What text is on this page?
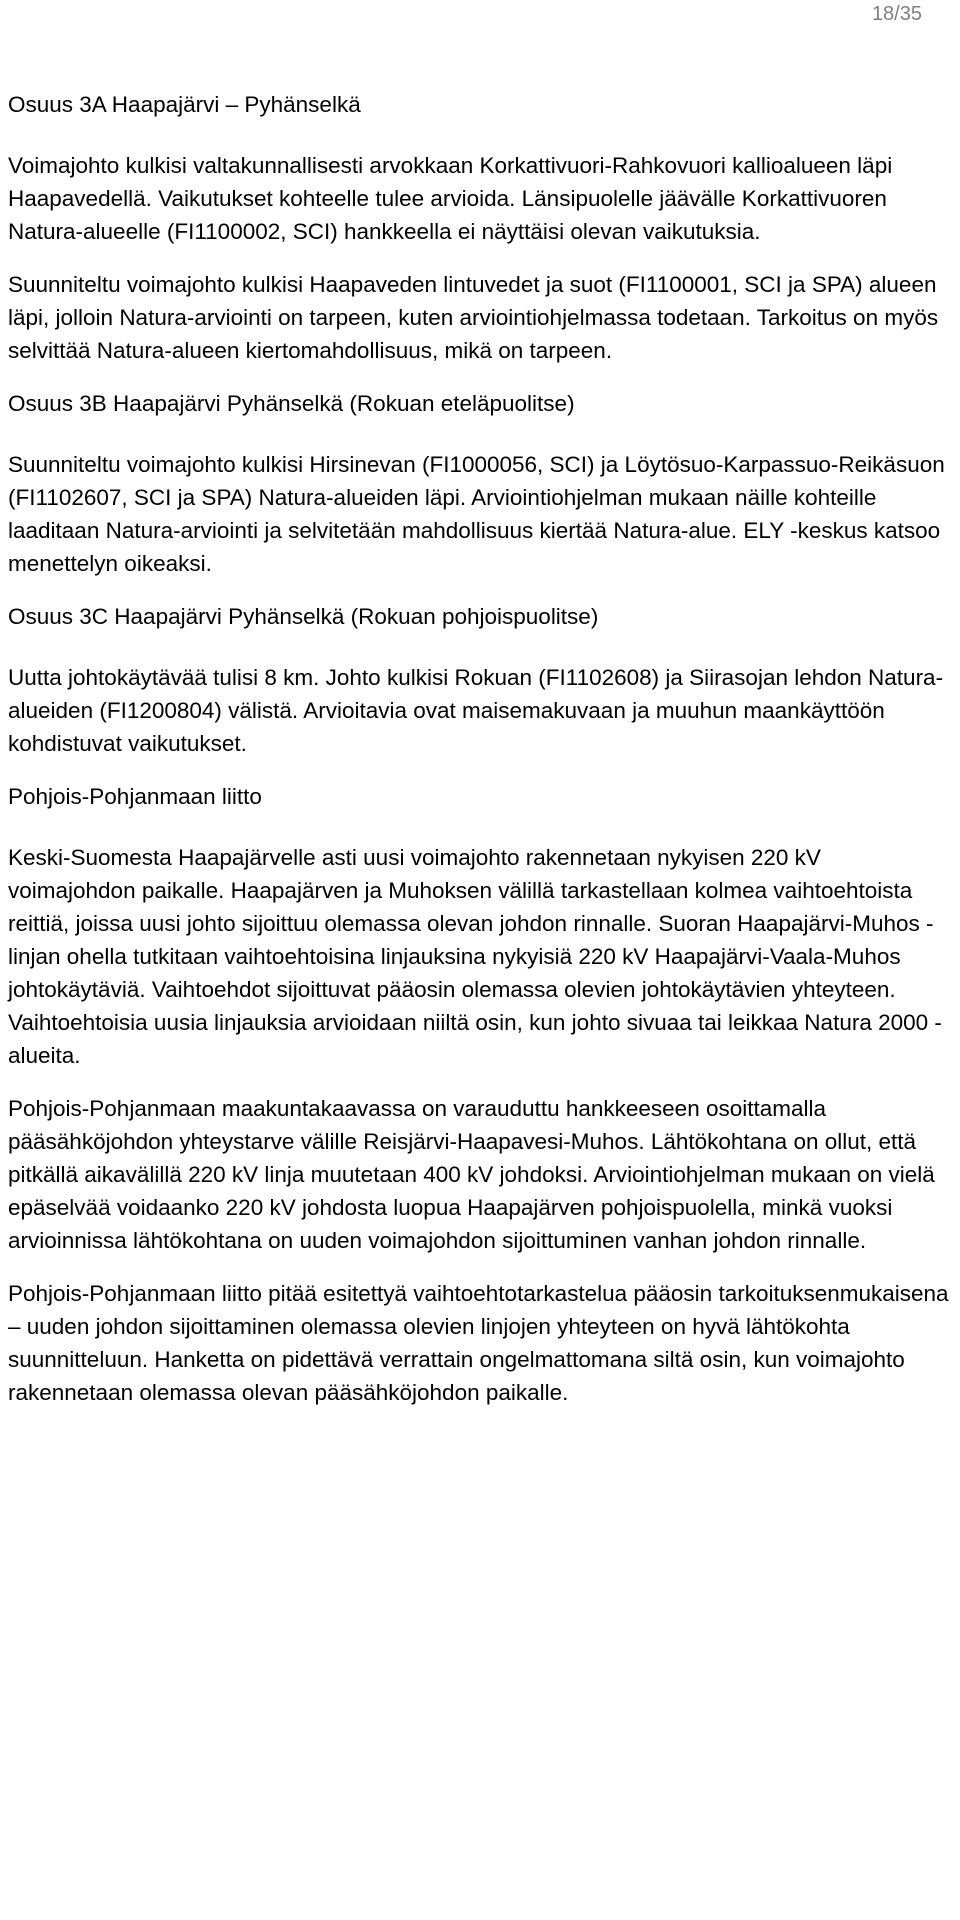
18/35

Osuus 3A Haapajärvi – Pyhänselkä

Voimajohto kulkisi valtakunnallisesti arvokkaan Korkattivuori-Rahkovuori kallioalueen läpi Haapavedellä. Vaikutukset kohteelle tulee arvioida. Länsipuolelle jäävälle Korkattivuoren Natura-alueelle (FI1100002, SCI) hankkeella ei näyttäisi olevan vaikutuksia.

Suunniteltu voimajohto kulkisi Haapaveden lintuvedet ja suot (FI1100001, SCI ja SPA) alueen läpi, jolloin Natura-arviointi on tarpeen, kuten arviointiohjelmassa todetaan. Tarkoitus on myös selvittää Natura-alueen kiertomahdollisuus, mikä on tarpeen.

Osuus 3B Haapajärvi Pyhänselkä (Rokuan eteläpuolitse)

Suunniteltu voimajohto kulkisi Hirsinevan (FI1000056, SCI) ja Löytösuo-Karpassuo-Reikäsuon (FI1102607, SCI ja SPA) Natura-alueiden läpi. Arviointiohjelman mukaan näille kohteille laaditaan Natura-arviointi ja selvitetään mahdollisuus kiertää Natura-alue. ELY -keskus katsoo menettelyn oikeaksi.

Osuus 3C Haapajärvi Pyhänselkä (Rokuan pohjoispuolitse)

Uutta johtokäytävää tulisi 8 km. Johto kulkisi Rokuan (FI1102608) ja Siirasojan lehdon Natura-alueiden (FI1200804) välistä. Arvioitavia ovat maisemakuvaan ja muuhun maankäyttöön kohdistuvat vaikutukset.

Pohjois-Pohjanmaan liitto

Keski-Suomesta Haapajärvelle asti uusi voimajohto rakennetaan nykyisen 220 kV voimajohdon paikalle. Haapajärven ja Muhoksen välillä tarkastellaan kolmea vaihtoehtoista reittiä, joissa uusi johto sijoittuu olemassa olevan johdon rinnalle. Suoran Haapajärvi-Muhos -linjan ohella tutkitaan vaihtoehtoisina linjauksina nykyisiä 220 kV Haapajärvi-Vaala-Muhos johtokäytäviä. Vaihtoehdot sijoittuvat pääosin olemassa olevien johtokäytävien yhteyteen. Vaihtoehtoisia uusia linjauksia arvioidaan niiltä osin, kun johto sivuaa tai leikkaa Natura 2000 -alueita.

Pohjois-Pohjanmaan maakuntakaavassa on varauduttu hankkeeseen osoittamalla pääsähköjohdon yhteystarve välille Reisjärvi-Haapavesi-Muhos. Lähtökohtana on ollut, että pitkällä aikavälillä 220 kV linja muutetaan 400 kV johdoksi. Arviointiohjelman mukaan on vielä epäselvää voidaanko 220 kV johdosta luopua Haapajärven pohjoispuolella, minkä vuoksi arvioinnissa lähtökohtana on uuden voimajohdon sijoittuminen vanhan johdon rinnalle.

Pohjois-Pohjanmaan liitto pitää esitettyä vaihtoehtotarkastelua pääosin tarkoituksenmukaisena – uuden johdon sijoittaminen olemassa olevien linjojen yhteyteen on hyvä lähtökohta suunnitteluun. Hanketta on pidettävä verrattain ongelmattomana siltä osin, kun voimajohto rakennetaan olemassa olevan pääsähköjohdon paikalle.
